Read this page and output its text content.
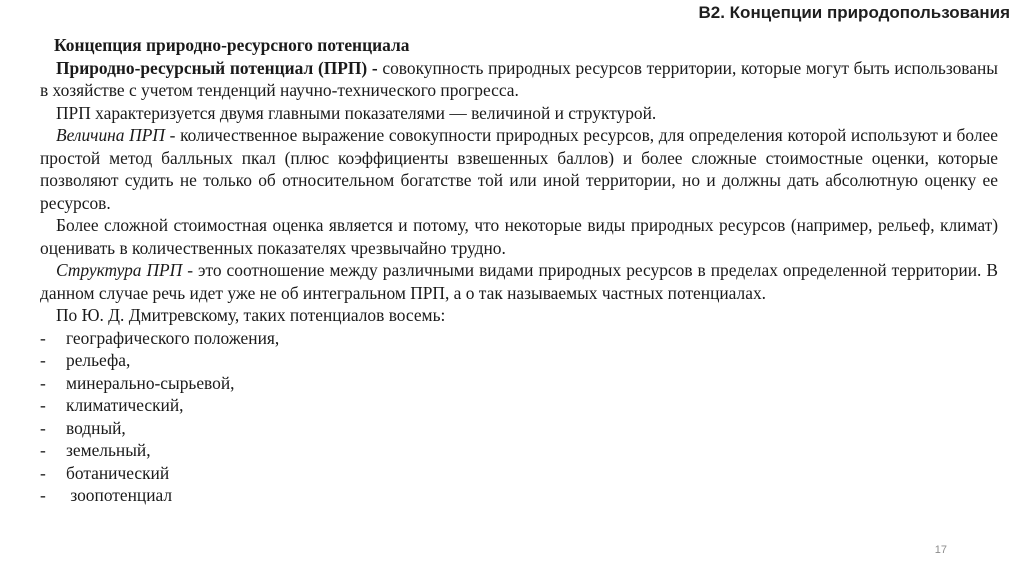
В2. Концепции природопользования

Концепция природно-ресурсного потенциала

Природно-ресурсный потенциал (ПРП) - совокупность природных ресурсов территории, которые могут быть использованы в хозяйстве с учетом тенденций научно-технического прогресса.

ПРП характеризуется двумя главными показателями — величиной и структурой.

Величина ПРП - количественное выражение совокупности природных ресурсов, для определения которой используют и более простой метод балльных пкал (плюс коэффициенты взвешенных баллов) и более сложные стоимостные оценки, которые позволяют судить не только об относительном богатстве той или иной территории, но и должны дать абсолютную оценку ее ресурсов.

Более сложной стоимостная оценка является и потому, что некоторые виды природных ресурсов (например, рельеф, климат) оценивать в количественных показателях чрезвычайно трудно.

Структура ПРП - это соотношение между различными видами природных ресурсов в пределах определенной территории. В данном случае речь идет уже не об интегральном ПРП, а о так называемых частных потенциалах.

По Ю. Д. Дмитревскому, таких потенциалов восемь:

- географического положения,
- рельефа,
- минерально-сырьевой,
- климатический,
- водный,
- земельный,
- ботанический
- зоопотенциал
17
